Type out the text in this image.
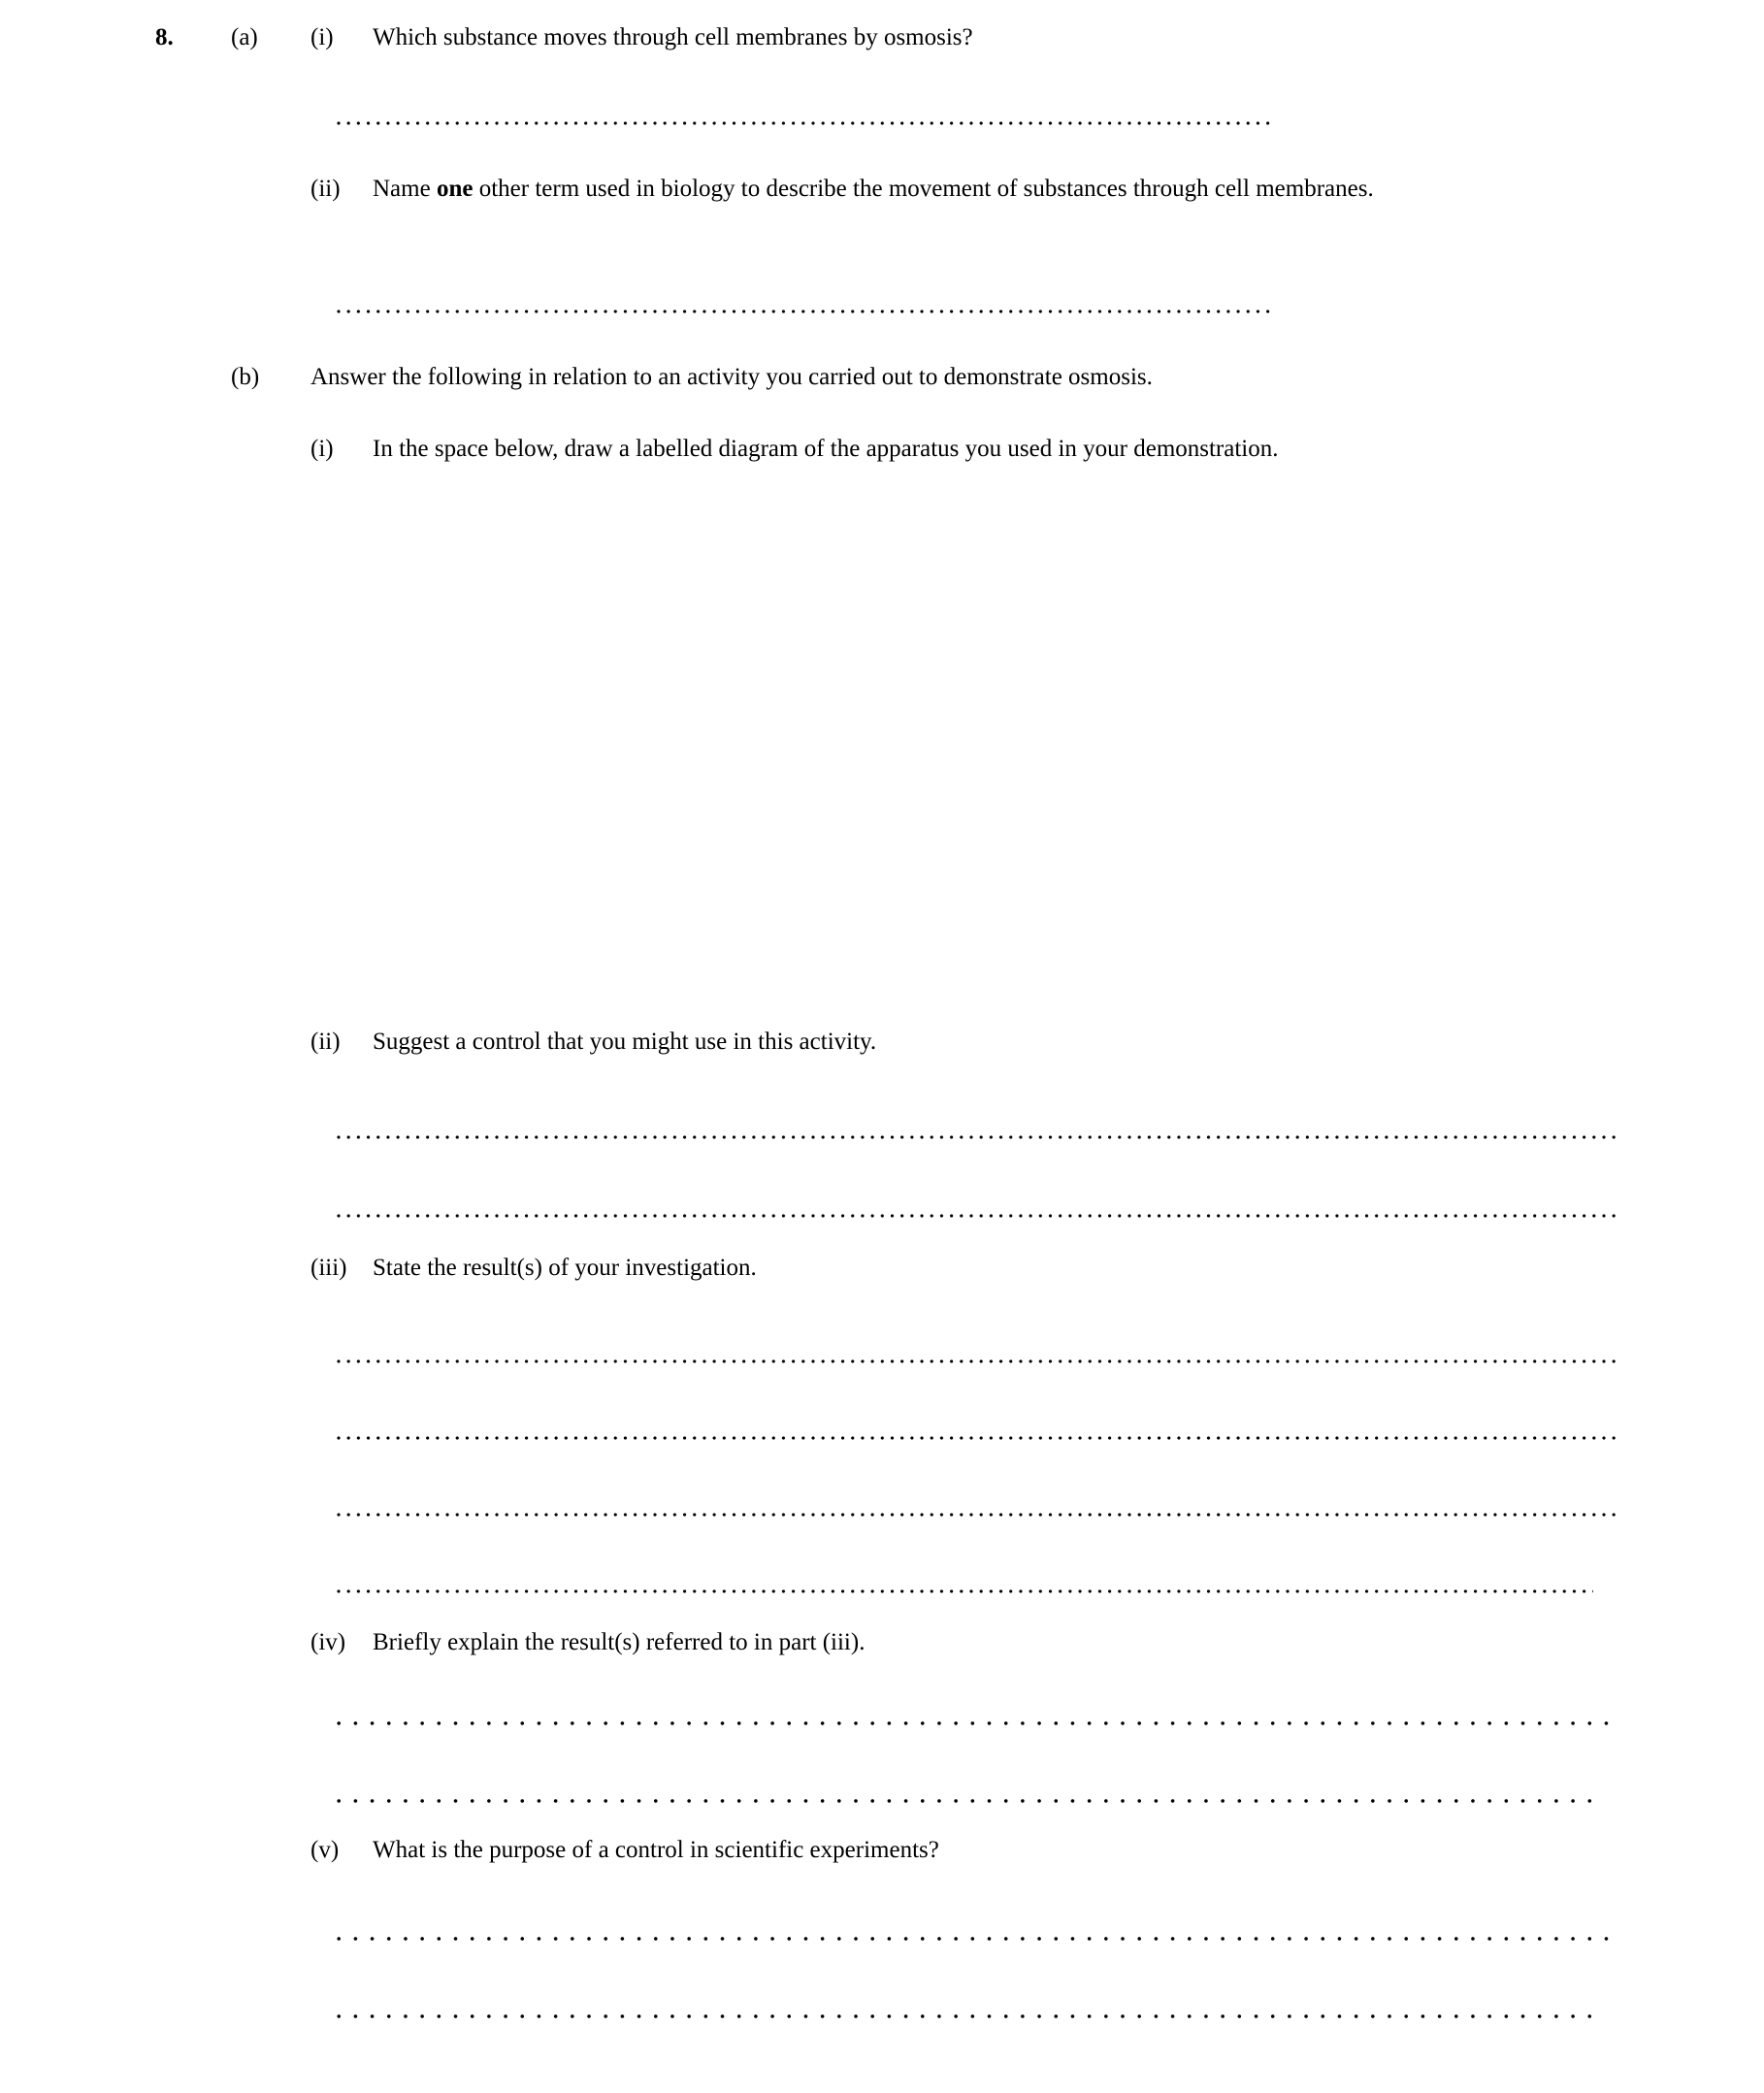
8.	(a)	(i)	Which substance moves through cell membranes by osmosis?
(ii)	Name one other term used in biology to describe the movement of substances through cell membranes.
(b)	Answer the following in relation to an activity you carried out to demonstrate osmosis.
(i)	In the space below, draw a labelled diagram of the apparatus you used in your demonstration.
(ii)	Suggest a control that you might use in this activity.
(iii)	State the result(s) of your investigation.
(iv)	Briefly explain the result(s) referred to in part (iii).
(v)	What is the purpose of a control in scientific experiments?
